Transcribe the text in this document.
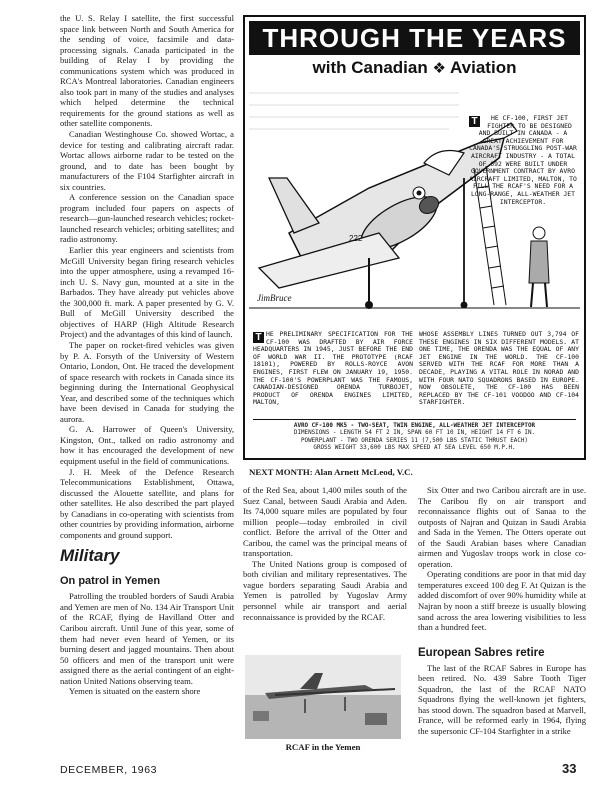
the U. S. Relay I satellite, the first successful space link between North and South America for the sending of voice, facsimile and data-processing signals. Canada participated in the building of Relay I by providing the communications system which was produced in RCA's Montreal laboratories. Canadian engineers also took part in many of the studies and analyses which helped determine the technical requirements for the ground stations as well as other satellite components.

Canadian Westinghouse Co. showed Wortac, a device for testing and calibrating aircraft radar. Wortac allows airborne radar to be tested on the ground, and to date has been bought by manufacturers of the F104 Starfighter aircraft in six countries.

A conference session on the Canadian space program included four papers on aspects of research—gun-launched research vehicles; rocket-launched research vehicles; orbiting satellites; and radio astronomy.

Earlier this year engineers and scientists from McGill University began firing research vehicles into the upper atmosphere, using a revamped 16-inch U. S. Navy gun, mounted at a site in the Barbados. They have already put vehicles above the 300,000 ft. mark. A paper presented by G. V. Bull of McGill University described the objectives of HARP (High Altitude Research Project) and the advantages of this kind of launch.

The paper on rocket-fired vehicles was given by P. A. Forsyth of the University of Western Ontario, London, Ont. He traced the development of space research with rockets in Canada since its beginning during the International Geophysical Year, and described some of the techniques which have been devised in Canada for studying the aurora.

G. A. Harrower of Queen's University, Kingston, Ont., talked on radio astronomy and how it has encouraged the development of new equipment useful in the field of communications.

J. H. Meek of the Defence Research Telecommunications Establishment, Ottawa, discussed the Alouette satellite, and plans for other satellites. He also described the part played by Canadians in co-operating with scientists from other countries by providing information, airborne components and ground support.

Military
On patrol in Yemen

Patrolling the troubled borders of Saudi Arabia and Yemen are men of No. 134 Air Transport Unit of the RCAF, flying de Havilland Otter and Caribou aircraft. Until June of this year, some of them had never even heard of Yemen, or its burning desert and jagged mountains. Then about 50 officers and men of the transport unit were assigned there as the aerial contingent of an eight-nation United Nations observing team.

Yemen is situated on the eastern shore

THROUGH THE YEARS
with Canadian ❖ Aviation
222
JimBruce
T	HE CF-100, FIRST JET FIGHTER TO BE DESIGNED AND BUILT IN CANADA - A GREAT ACHIEVEMENT FOR CANADA'S STRUGGLING POST-WAR AIRCRAFT INDUSTRY - A TOTAL OF 692 WERE BUILT UNDER GOVERNMENT CONTRACT BY AVRO AIRCRAFT LIMITED, MALTON, TO FILL THE RCAF'S NEED FOR A LONG-RANGE, ALL-WEATHER JET INTERCEPTOR.
T HE PRELIMINARY SPECIFICATION FOR THE CF-100 WAS DRAFTED BY AIR FORCE HEADQUARTERS IN 1945, JUST BEFORE THE END OF WORLD WAR II. THE PROTOTYPE (RCAF 18101), POWERED BY ROLLS-ROYCE AVON ENGINES, FIRST FLEW ON JANUARY 19, 1950. THE CF-100'S POWERPLANT WAS THE FAMOUS, CANADIAN-DESIGNED ORENDA TURBOJET, PRODUCT OF ORENDA ENGINES LIMITED, MALTON,
WHOSE ASSEMBLY LINES TURNED OUT 3,794 OF THESE ENGINES IN SIX DIFFERENT MODELS. AT ONE TIME, THE ORENDA WAS THE EQUAL OF ANY JET ENGINE IN THE WORLD. THE CF-100 SERVED WITH THE RCAF FOR MORE THAN A DECADE, PLAYING A VITAL ROLE IN NORAD AND WITH FOUR NATO SQUADRONS BASED IN EUROPE. NOW OBSOLETE, THE CF-100 HAS BEEN REPLACED BY THE CF-101 VOODOO AND CF-104 STARFIGHTER.
AVRO CF-100 MK5 - TWO-SEAT, TWIN ENGINE, ALL-WEATHER JET INTERCEPTOR
DIMENSIONS - LENGTH 54 FT 2 IN, SPAN 60 FT 10 IN, HEIGHT 14 FT 6 IN.
POWERPLANT - TWO ORENDA SERIES 11 (7,500 LBS STATIC THRUST EACH)
GROSS WEIGHT 33,600 LBS MAX SPEED AT SEA LEVEL 650 M.P.H.
NEXT MONTH: Alan Arnett McLeod, V.C.

of the Red Sea, about 1,400 miles south of the Suez Canal, between Saudi Arabia and Aden. Its 74,000 square miles are populated by four million people—today embroiled in civil conflict. Before the arrival of the Otter and Caribou, the camel was the principal means of transportation.

The United Nations group is composed of both civilian and military representatives. The vague borders separating Saudi Arabia and Yemen is patrolled by Yugoslav Army personnel while air transport and aerial reconnaissance is provided by the RCAF.

RCAF in the Yemen

Six Otter and two Caribou aircraft are in use. The Caribou fly on air transport and reconnaissance flights out of Sanaa to the outposts of Najran and Quizan in Saudi Arabia and Sada in the Yemen. The Otters operate out of the Saudi Arabian bases where Canadian airmen and Yugoslav troops work in close co-operation.

Operating conditions are poor in that mid day temperatures exceed 100 deg F. At Quizan is the added discomfort of over 90% humidity while at Najran by noon a stiff breeze is usually blowing sand across the area lowering visibilities to less than a hundred feet.

European Sabres retire

The last of the RCAF Sabres in Europe has been retired. No. 439 Sabre Tooth Tiger Squadron, the last of the RCAF NATO Squadrons flying the well-known jet fighters, has stood down. The squadron based at Marvell, France, will be reformed early in 1964, flying the supersonic CF-104 Starfighter in a strike

DECEMBER, 1963	33
